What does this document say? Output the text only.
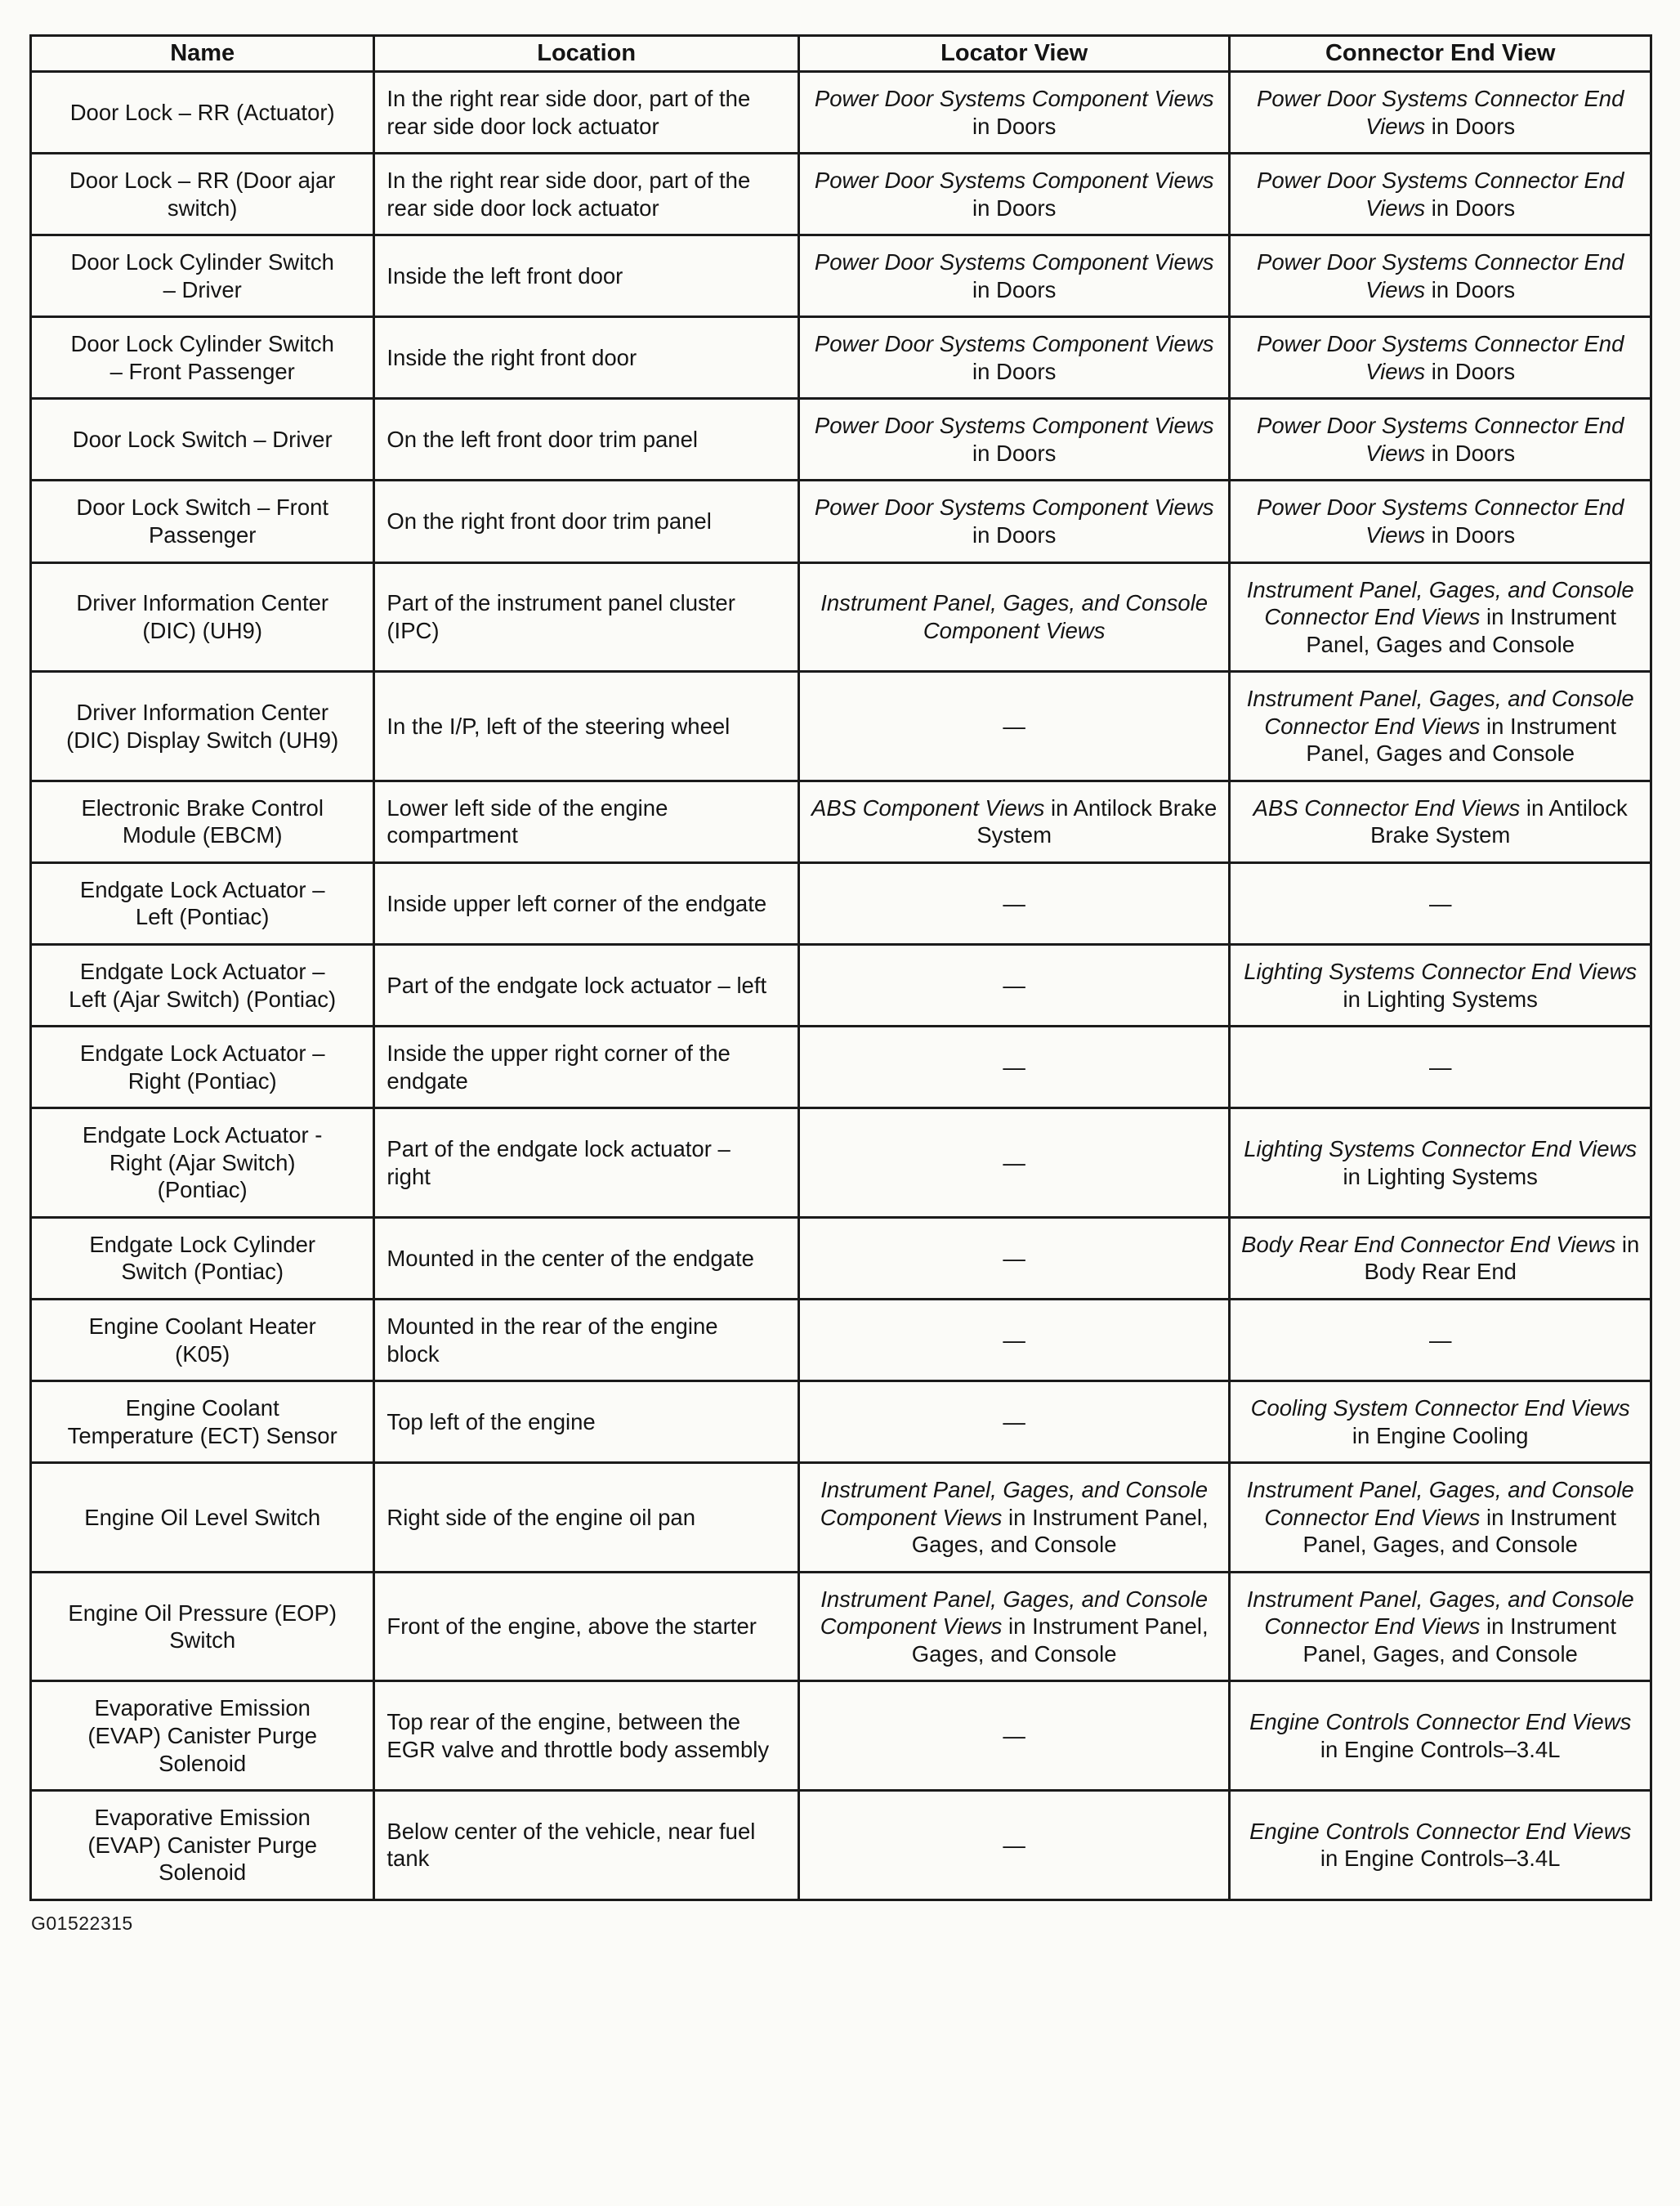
Name	Location	Locator View	Connector End View
Door Lock – RR (Actuator)	In the right rear side door, part of the rear side door lock actuator	Power Door Systems Component Views in Doors	Power Door Systems Connector End Views in Doors
Door Lock – RR (Door ajar switch)	In the right rear side door, part of the rear side door lock actuator	Power Door Systems Component Views in Doors	Power Door Systems Connector End Views in Doors
Door Lock Cylinder Switch – Driver	Inside the left front door	Power Door Systems Component Views in Doors	Power Door Systems Connector End Views in Doors
Door Lock Cylinder Switch – Front Passenger	Inside the right front door	Power Door Systems Component Views in Doors	Power Door Systems Connector End Views in Doors
Door Lock Switch – Driver	On the left front door trim panel	Power Door Systems Component Views in Doors	Power Door Systems Connector End Views in Doors
Door Lock Switch – Front Passenger	On the right front door trim panel	Power Door Systems Component Views in Doors	Power Door Systems Connector End Views in Doors
Driver Information Center (DIC) (UH9)	Part of the instrument panel cluster (IPC)	Instrument Panel, Gages, and Console Component Views	Instrument Panel, Gages, and Console Connector End Views in Instrument Panel, Gages and Console
Driver Information Center (DIC) Display Switch (UH9)	In the I/P, left of the steering wheel	—	Instrument Panel, Gages, and Console Connector End Views in Instrument Panel, Gages and Console
Electronic Brake Control Module (EBCM)	Lower left side of the engine compartment	ABS Component Views in Antilock Brake System	ABS Connector End Views in Antilock Brake System
Endgate Lock Actuator – Left (Pontiac)	Inside upper left corner of the endgate	—	—
Endgate Lock Actuator – Left (Ajar Switch) (Pontiac)	Part of the endgate lock actuator – left	—	Lighting Systems Connector End Views in Lighting Systems
Endgate Lock Actuator – Right (Pontiac)	Inside the upper right corner of the endgate	—	—
Endgate Lock Actuator - Right (Ajar Switch) (Pontiac)	Part of the endgate lock actuator – right	—	Lighting Systems Connector End Views in Lighting Systems
Endgate Lock Cylinder Switch (Pontiac)	Mounted in the center of the endgate	—	Body Rear End Connector End Views in Body Rear End
Engine Coolant Heater (K05)	Mounted in the rear of the engine block	—	—
Engine Coolant Temperature (ECT) Sensor	Top left of the engine	—	Cooling System Connector End Views in Engine Cooling
Engine Oil Level Switch	Right side of the engine oil pan	Instrument Panel, Gages, and Console Component Views in Instrument Panel, Gages, and Console	Instrument Panel, Gages, and Console Connector End Views in Instrument Panel, Gages, and Console
Engine Oil Pressure (EOP) Switch	Front of the engine, above the starter	Instrument Panel, Gages, and Console Component Views in Instrument Panel, Gages, and Console	Instrument Panel, Gages, and Console Connector End Views in Instrument Panel, Gages, and Console
Evaporative Emission (EVAP) Canister Purge Solenoid	Top rear of the engine, between the EGR valve and throttle body assembly	—	Engine Controls Connector End Views in Engine Controls–3.4L
Evaporative Emission (EVAP) Canister Purge Solenoid	Below center of the vehicle, near fuel tank	—	Engine Controls Connector End Views in Engine Controls–3.4L
G01522315
